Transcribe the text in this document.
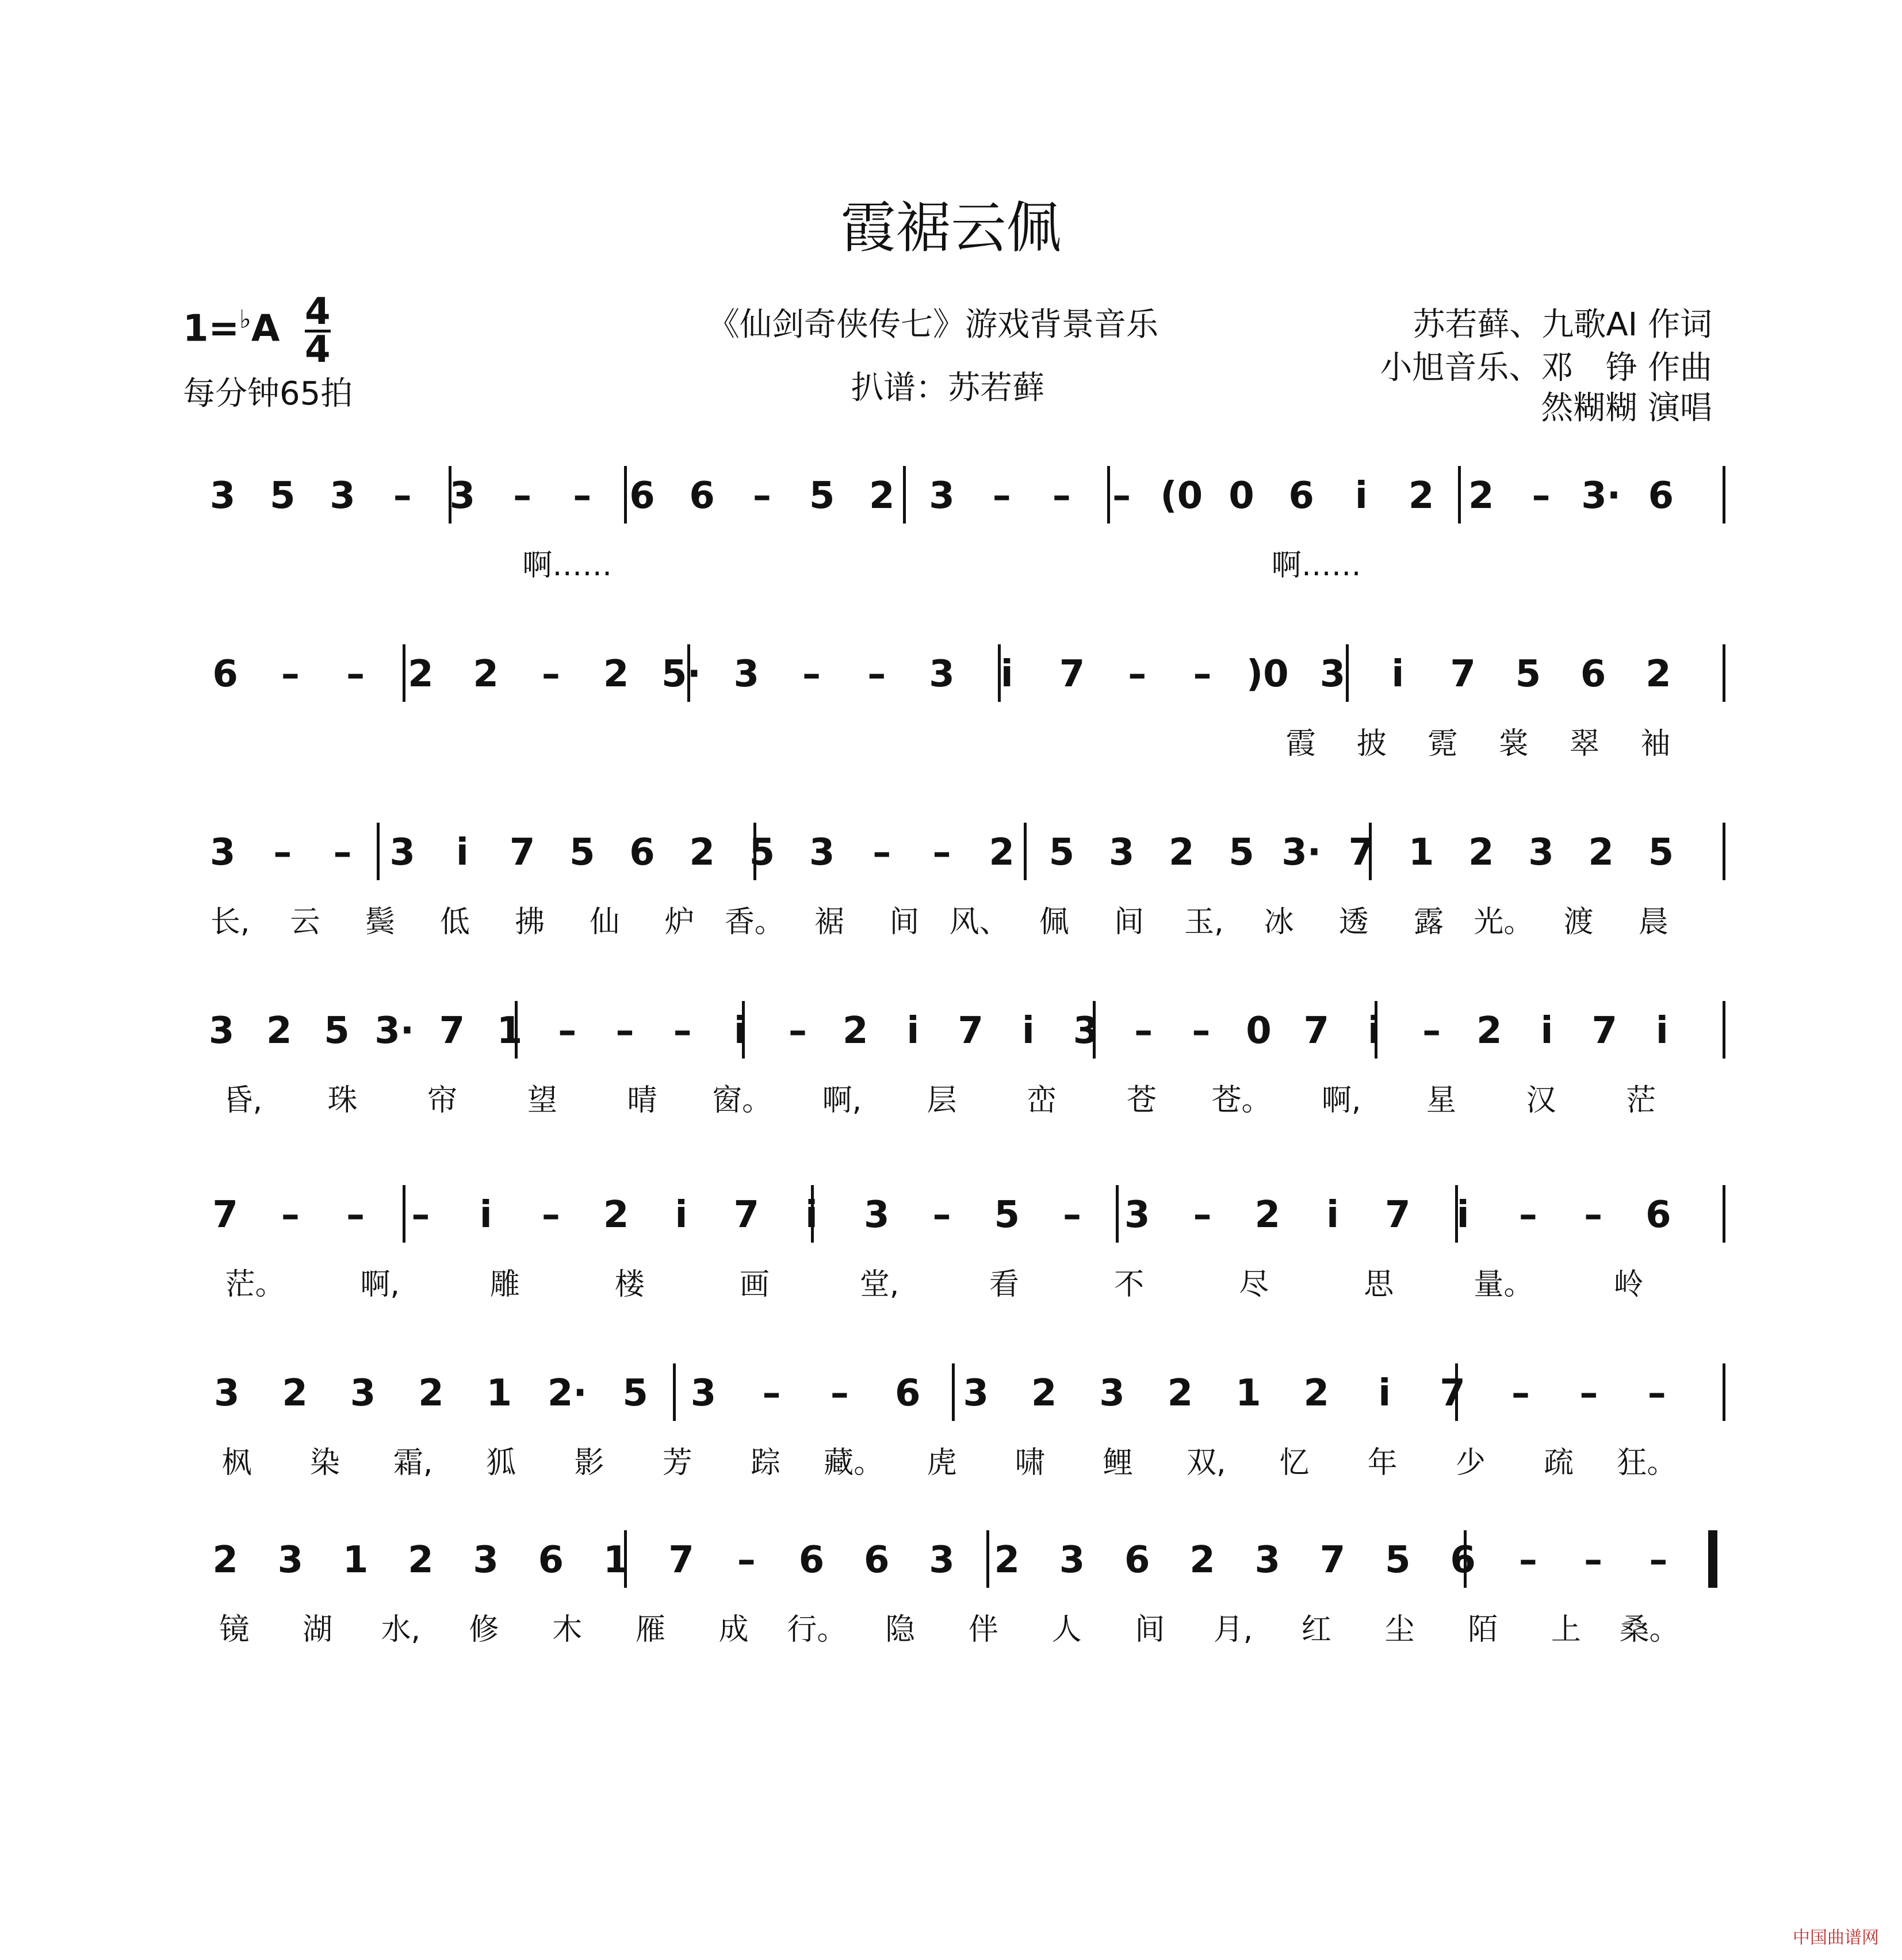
霞裾云佩
1=♭A 4
4
每分钟65拍
《仙剑奇侠传七》游戏背景音乐
扒谱：苏若藓
苏若藓、九歌AI 作词
小旭音乐、邓　铮 作曲
然糊糊 演唱
3 5 3 – 3 – – 6 6 – 5 2 3 – – – (0 0 6 i 2 2 – 3· 6
啊……	啊……
6 – – 2 2 – 2 5· 3 – – 3 i 7 – – )0 3 i 7 5 6 2
霞 披 霓 裳 翠 袖
3 – – 3 i 7 5 6 2 5 3 – – 2 5 3 2 5 3· 7 1 2 3 2 5
长, 云 鬓 低 拂 仙 炉 香。 裾 间 风、 佩 间 玉, 冰 透 露 光。 渡 晨
3 2 5 3· 7 1 – – – i – 2 i 7 i 3 – – 0 7 i – 2 i 7 i
昏, 珠 帘 望 晴 窗。 啊, 层 峦 苍 苍。 啊, 星 汉 茫
7 – – – i – 2 i 7 i 3 – 5 – 3 – 2 i 7 i – – 6
茫。	啊,	雕	楼	画	堂,	看	不	尽	思	量。	岭
3 2 3 2 1 2· 5 3 – – 6 3 2 3 2 1 2 i 7 – – –
枫 染 霜, 狐 影 芳 踪 藏。 虎 啸 鲤 双, 忆 年 少 疏 狂。
2 3 1 2 3 6 1 7 – 6 6 3 2 3 6 2 3 7 5 6 – – –
镜 湖 水, 修 木 雁 成 行。 隐 伴 人 间 月, 红 尘 陌 上 桑。
中国曲谱网
